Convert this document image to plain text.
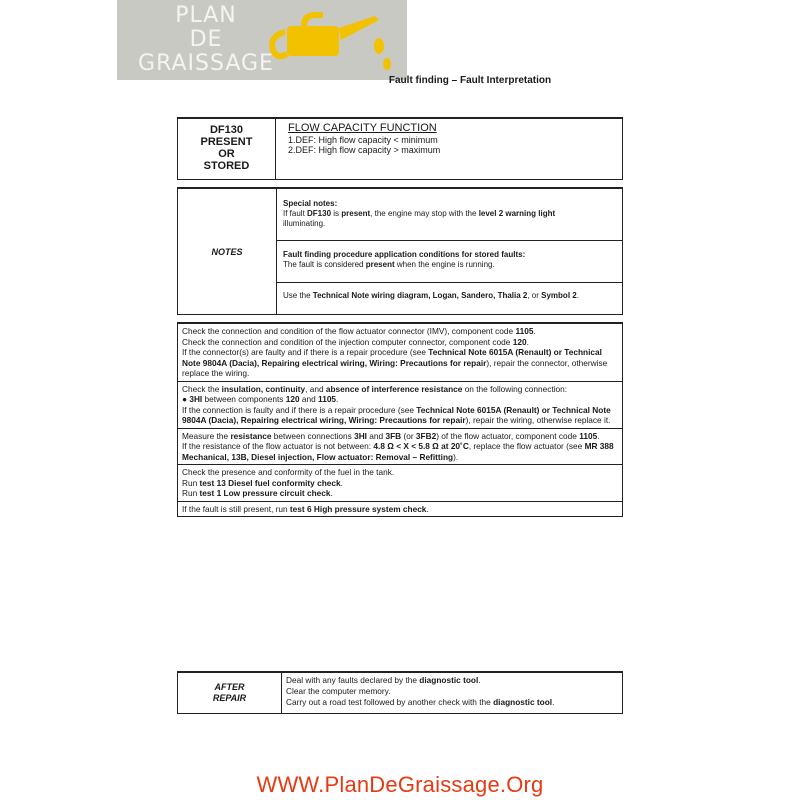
PLAN
DE
GRAISSAGE
Fault finding – Fault Interpretation
DF130
PRESENT
OR
STORED
FLOW CAPACITY FUNCTION
1.DEF: High flow capacity < minimum
2.DEF: High flow capacity > maximum
NOTES
Special notes:
If fault DF130 is present, the engine may stop with the level 2 warning light
illuminating.
Fault finding procedure application conditions for stored faults:
The fault is considered present when the engine is running.
Use the Technical Note wiring diagram, Logan, Sandero, Thalia 2, or Symbol 2.
Check the connection and condition of the flow actuator connector (IMV), component code 1105.
Check the connection and condition of the injection computer connector, component code 120.
If the connector(s) are faulty and if there is a repair procedure (see Technical Note 6015A (Renault) or Technical Note 9804A (Dacia), Repairing electrical wiring, Wiring: Precautions for repair), repair the connector, otherwise replace the wiring.
Check the insulation, continuity, and absence of interference resistance on the following connection:
● 3HI between components 120 and 1105.
If the connection is faulty and if there is a repair procedure (see Technical Note 6015A (Renault) or Technical Note 9804A (Dacia), Repairing electrical wiring, Wiring: Precautions for repair), repair the wiring, otherwise replace it.
Measure the resistance between connections 3HI and 3FB (or 3FB2) of the flow actuator, component code 1105.
If the resistance of the flow actuator is not between: 4.8 Ω < X < 5.8 Ω at 20˚C, replace the flow actuator (see MR 388 Mechanical, 13B, Diesel injection, Flow actuator: Removal – Refitting).
Check the presence and conformity of the fuel in the tank.
Run test 13 Diesel fuel conformity check.
Run test 1 Low pressure circuit check.
If the fault is still present, run test 6 High pressure system check.
AFTER
REPAIR
Deal with any faults declared by the diagnostic tool.
Clear the computer memory.
Carry out a road test followed by another check with the diagnostic tool.
WWW.PlanDeGraissage.Org
